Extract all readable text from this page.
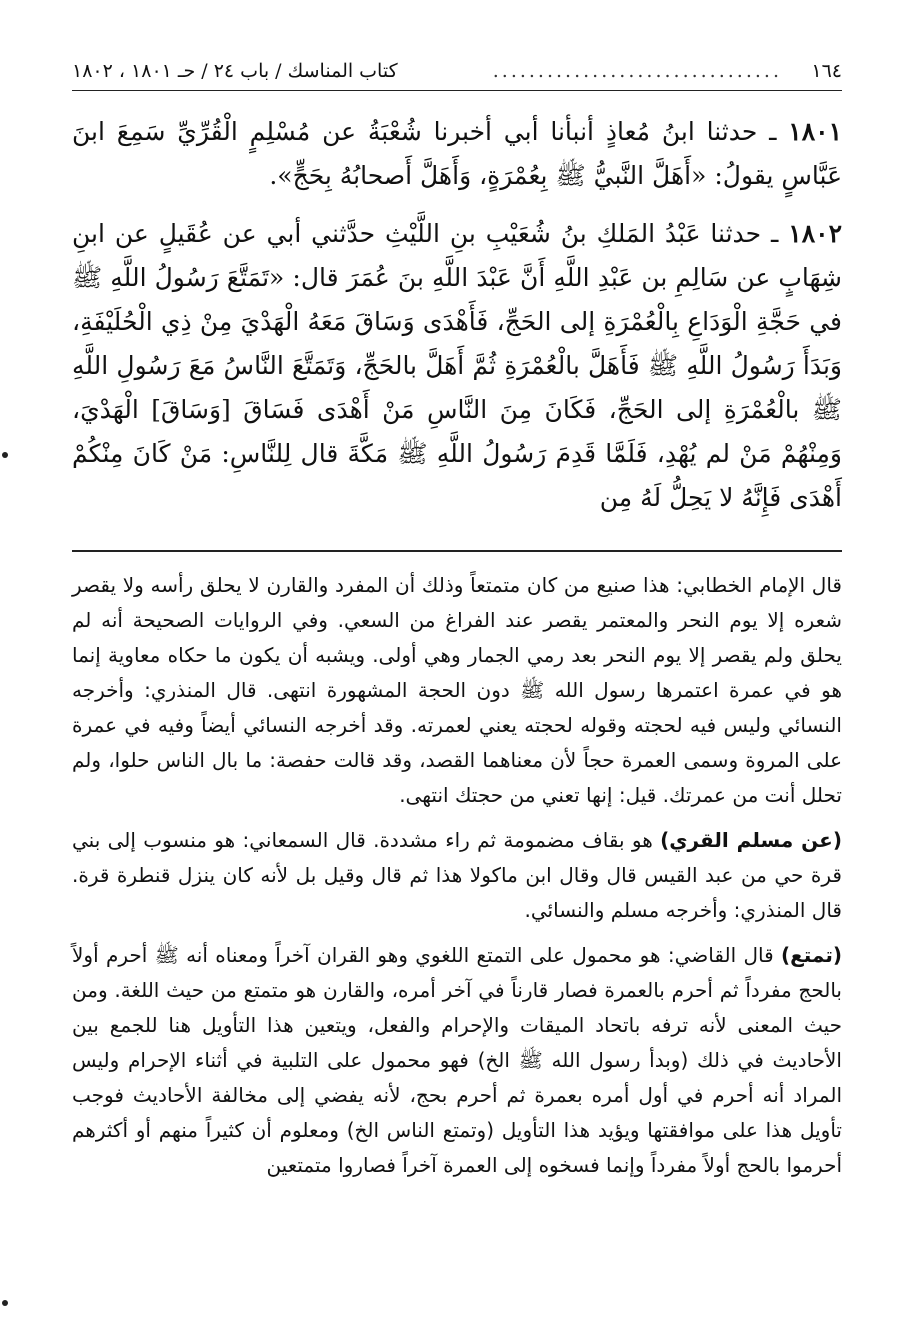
١٦٤
................................
كتاب المناسك / باب ٢٤ / حـ ١٨٠١ ، ١٨٠٢

١٨٠١ ـ حدثنا ابنُ مُعاذٍ أنبأنا أبي أخبرنا شُعْبَةُ عن مُسْلِمٍ الْقُرِّيِّ سَمِعَ ابنَ عَبَّاسٍ يقولُ: «أَهَلَّ النَّبيُّ ﷺ بِعُمْرَةٍ، وَأَهَلَّ أَصحابُهُ بِحَجٍّ».

١٨٠٢ ـ حدثنا عَبْدُ المَلكِ بنُ شُعَيْبِ بنِ اللَّيْثِ حدَّثني أبي عن عُقَيلٍ عن ابنِ شِهَابٍ عن سَالِمِ بن عَبْدِ اللَّهِ أَنَّ عَبْدَ اللَّهِ بنَ عُمَرَ قال: «تَمَتَّعَ رَسُولُ اللَّهِ ﷺ في حَجَّةِ الْوَدَاعِ بِالْعُمْرَةِ إلى الحَجِّ، فَأَهْدَى وَسَاقَ مَعَهُ الْهَدْيَ مِنْ ذِي الْحُلَيْفَةِ، وَبَدَأَ رَسُولُ اللَّهِ ﷺ فَأَهَلَّ بالْعُمْرَةِ ثُمَّ أَهَلَّ بالحَجِّ، وَتَمَتَّعَ النَّاسُ مَعَ رَسُولِ اللَّهِ ﷺ بالْعُمْرَةِ إلى الحَجِّ، فَكَانَ مِنَ النَّاسِ مَنْ أَهْدَى فَسَاقَ [وَسَاقَ] الْهَدْيَ، وَمِنْهُمْ مَنْ لم يُهْدِ، فَلَمَّا قَدِمَ رَسُولُ اللَّهِ ﷺ مَكَّةَ قال لِلنَّاسِ: مَنْ كَانَ مِنْكُمْ أَهْدَى فَإِنَّهُ لا يَحِلُّ لَهُ مِن

قال الإمام الخطابي: هذا صنيع من كان متمتعاً وذلك أن المفرد والقارن لا يحلق رأسه ولا يقصر شعره إلا يوم النحر والمعتمر يقصر عند الفراغ من السعي. وفي الروايات الصحيحة أنه لم يحلق ولم يقصر إلا يوم النحر بعد رمي الجمار وهي أولى. ويشبه أن يكون ما حكاه معاوية إنما هو في عمرة اعتمرها رسول الله ﷺ دون الحجة المشهورة انتهى. قال المنذري: وأخرجه النسائي وليس فيه لحجته وقوله لحجته يعني لعمرته. وقد أخرجه النسائي أيضاً وفيه في عمرة على المروة وسمى العمرة حجاً لأن معناهما القصد، وقد قالت حفصة: ما بال الناس حلوا، ولم تحلل أنت من عمرتك. قيل: إنها تعني من حجتك انتهى.

(عن مسلم القري) هو بقاف مضمومة ثم راء مشددة. قال السمعاني: هو منسوب إلى بني قرة حي من عبد القيس قال وقال ابن ماكولا هذا ثم قال وقيل بل لأنه كان ينزل قنطرة قرة. قال المنذري: وأخرجه مسلم والنسائي.

(تمتع) قال القاضي: هو محمول على التمتع اللغوي وهو القران آخراً ومعناه أنه ﷺ أحرم أولاً بالحج مفرداً ثم أحرم بالعمرة فصار قارناً في آخر أمره، والقارن هو متمتع من حيث اللغة. ومن حيث المعنى لأنه ترفه باتحاد الميقات والإحرام والفعل، ويتعين هذا التأويل هنا للجمع بين الأحاديث في ذلك (وبدأ رسول الله ﷺ الخ) فهو محمول على التلبية في أثناء الإحرام وليس المراد أنه أحرم في أول أمره بعمرة ثم أحرم بحج، لأنه يفضي إلى مخالفة الأحاديث فوجب تأويل هذا على موافقتها ويؤيد هذا التأويل (وتمتع الناس الخ) ومعلوم أن كثيراً منهم أو أكثرهم أحرموا بالحج أولاً مفرداً وإنما فسخوه إلى العمرة آخراً فصاروا متمتعين
